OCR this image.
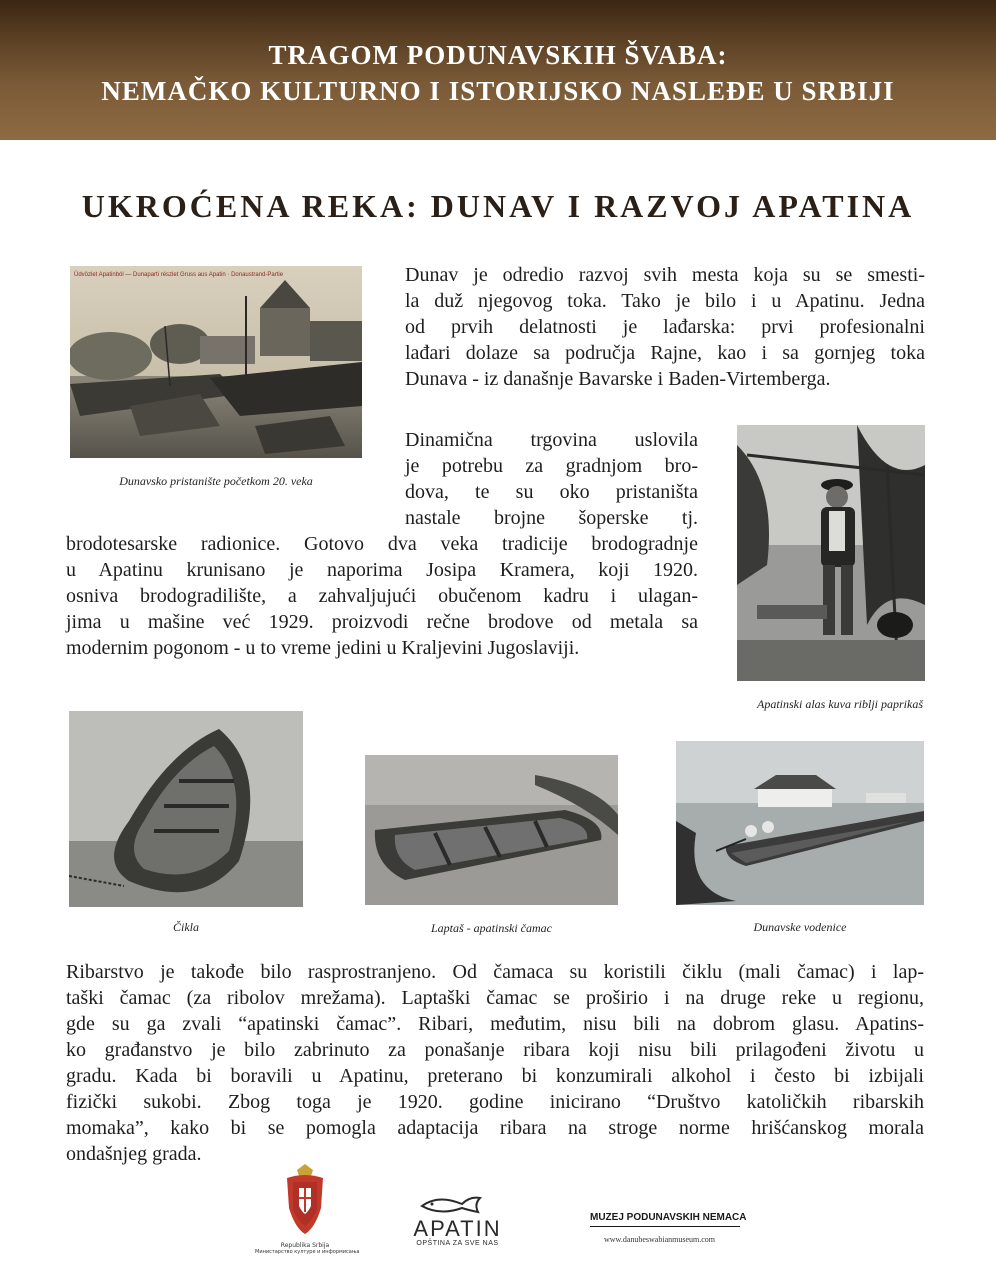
TRAGOM PODUNAVSKIH ŠVABA:
NEMAČKO KULTURNO I ISTORIJSKO NASLEĐE U SRBIJI
UKROĆENA REKA: DUNAV I RAZVOJ APATINA
Üdvözlet Apatinból — Dunaparti részlet Gruss aus Apatin · Donaustrand-Partie
Dunavsko pristanište početkom 20. veka
Dunav je odredio razvoj svih mesta koja su se smesti-
la duž njegovog toka. Tako je bilo i u Apatinu. Jedna
od prvih delatnosti je lađarska: prvi profesionalni
lađari dolaze sa područja Rajne, kao i sa gornjeg toka
Dunava - iz današnje Bavarske i Baden-Virtemberga.
Dinamična trgovina uslovila
je potrebu za gradnjom bro-
dova, te su oko pristaništa
nastale brojne šoperske tj.
brodotesarske radionice. Gotovo dva veka tradicije brodogradnje
u Apatinu krunisano je naporima Josipa Kramera, koji 1920.
osniva brodogradilište, a zahvaljujući obučenom kadru i ulagan-
jima u mašine već 1929. proizvodi rečne brodove od metala sa
modernim pogonom - u to vreme jedini u Kraljevini Jugoslaviji.
Apatinski alas kuva riblji paprikaš
Čikla	Laptaš - apatinski čamac	Dunavske vodenice
Ribarstvo je takođe bilo rasprostranjeno. Od čamaca su koristili čiklu (mali čamac) i lap-
taški čamac (za ribolov mrežama). Laptaški čamac se proširio i na druge reke u regionu,
gde su ga zvali “apatinski čamac”. Ribari, međutim, nisu bili na dobrom glasu. Apatins-
ko građanstvo je bilo zabrinuto za ponašanje ribara koji nisu bili prilagođeni životu u
gradu. Kada bi boravili u Apatinu, preterano bi konzumirali alkohol i često bi izbijali
fizički sukobi. Zbog toga je 1920. godine inicirano “Društvo katoličkih ribarskih
momaka”, kako bi se pomogla adaptacija ribara na stroge norme hrišćanskog morala
ondašnjeg grada.
Republika Srbija
Министарство културе и информисања
APATIN
OPŠTINA ZA SVE NAS
MUZEJ PODUNAVSKIH NEMACA
www.danubeswabianmuseum.com
